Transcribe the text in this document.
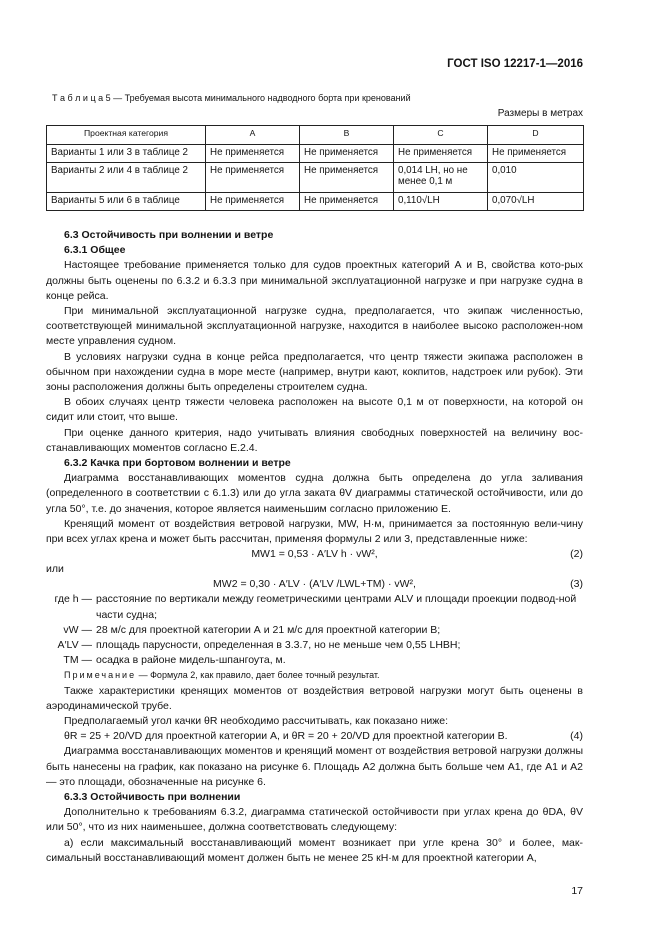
ГОСТ ISO 12217-1—2016
Т а б л и ц а 5 — Требуемая высота минимального надводного борта при кренований
Размеры в метрах
Проектная категория	A	B	C	D
Варианты 1 или 3 в таблице 2	Не применяется	Не применяется	Не применяется	Не применяется
Варианты 2 или 4 в таблице 2	Не применяется	Не применяется	0,014 LH, но не менее 0,1 м	0,010
Варианты 5 или 6 в таблице	Не применяется	Не применяется	0,110√LH	0,070√LH

6.3 Остойчивость при волнении и ветре

6.3.1 Общее

Настоящее требование применяется только для судов проектных категорий А и В, свойства кото-рых должны быть оценены по 6.3.2 и 6.3.3 при минимальной эксплуатационной нагрузке и при нагрузке судна в конце рейса.

При минимальной эксплуатационной нагрузке судна, предполагается, что экипаж численностью, соответствующей минимальной эксплуатационной нагрузке, находится в наиболее высоко расположен-ном месте управления судном.

В условиях нагрузки судна в конце рейса предполагается, что центр тяжести экипажа расположен в обычном при нахождении судна в море месте (например, внутри кают, кокпитов, надстроек или рубок). Эти зоны расположения должны быть определены строителем судна.

В обоих случаях центр тяжести человека расположен на высоте 0,1 м от поверхности, на которой он сидит или стоит, что выше.

При оценке данного критерия, надо учитывать влияния свободных поверхностей на величину вос-станавливающих моментов согласно Е.2.4.

6.3.2 Качка при бортовом волнении и ветре

Диаграмма восстанавливающих моментов судна должна быть определена до угла заливания (определенного в соответствии с 6.1.3) или до угла заката θV диаграммы статической остойчивости, или до угла 50°, т.е. до значения, которое является наименьшим согласно приложению Е.

Кренящий момент от воздействия ветровой нагрузки, MW, Н·м, принимается за постоянную вели-чину при всех углах крена и может быть рассчитан, применяя формулы 2 или 3, представленные ниже:

MW1 = 0,53 · A′LV h · vW²,	(2)

или

MW2 = 0,30 · A′LV · (A′LV /LWL+TM) · vW²,	(3)
где h — расстояние по вертикали между геометрическими центрами ALV и площади проекции подвод-ной части судна;
vW — 28 м/с для проектной категории А и 21 м/с для проектной категории В;
A′LV — площадь парусности, определенная в 3.3.7, но не меньше чем 0,55 LHBH;
TM — осадка в районе мидель-шпангоута, м.

Примечание — Формула 2, как правило, дает более точный результат.

Также характеристики кренящих моментов от воздействия ветровой нагрузки могут быть оценены в аэродинамической трубе.

Предполагаемый угол качки θR необходимо рассчитывать, как показано ниже:

θR = 25 + 20/VD для проектной категории А, и θR = 20 + 20/VD для проектной категории В.	(4)

Диаграмма восстанавливающих моментов и кренящий момент от воздействия ветровой нагрузки должны быть нанесены на график, как показано на рисунке 6. Площадь A2 должна быть больше чем A1, где A1 и A2 — это площади, обозначенные на рисунке 6.

6.3.3 Остойчивость при волнении

Дополнительно к требованиям 6.3.2, диаграмма статической остойчивости при углах крена до θDA, θV или 50°, что из них наименьшее, должна соответствовать следующему:

а) если максимальный восстанавливающий момент возникает при угле крена 30° и более, мак-симальный восстанавливающий момент должен быть не менее 25 кН·м для проектной категории А,

17
